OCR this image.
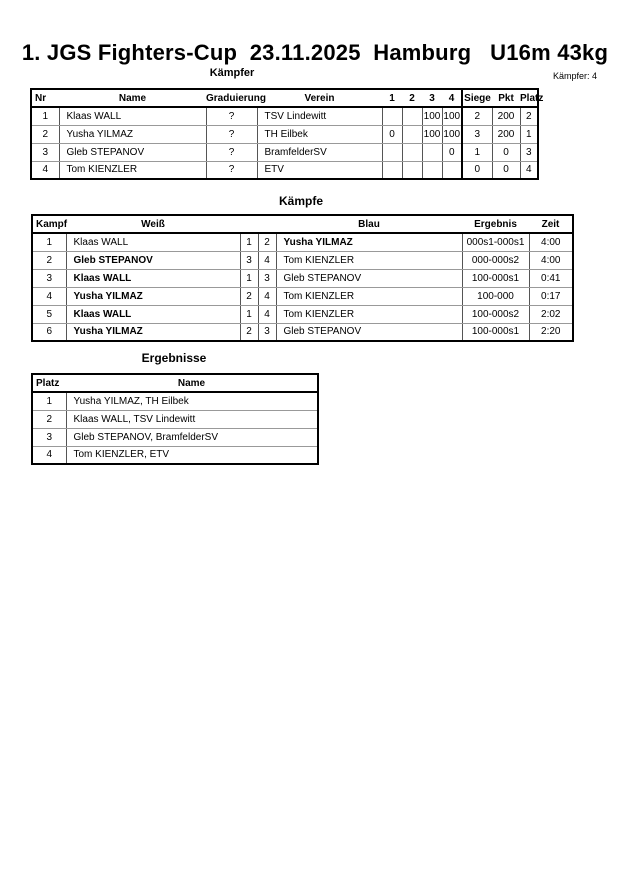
1. JGS Fighters-Cup  23.11.2025  Hamburg   U16m 43kg
Kämpfer	Kämpfer: 4
Nr	Name	Graduierung	Verein	1	2	3	4	Siege	Pkt	Platz
1	Klaas WALL	?	TSV Lindewitt			100	100	2	200	2
2	Yusha YILMAZ	?	TH Eilbek	0		100	100	3	200	1
3	Gleb STEPANOV	?	BramfelderSV				0	1	0	3
4	Tom KIENZLER	?	ETV					0	0	4
Kämpfe
Kampf	Weiß			Blau	Ergebnis	Zeit
1	Klaas WALL	1	2	Yusha YILMAZ	000s1-000s1	4:00
2	Gleb STEPANOV	3	4	Tom KIENZLER	000-000s2	4:00
3	Klaas WALL	1	3	Gleb STEPANOV	100-000s1	0:41
4	Yusha YILMAZ	2	4	Tom KIENZLER	100-000	0:17
5	Klaas WALL	1	4	Tom KIENZLER	100-000s2	2:02
6	Yusha YILMAZ	2	3	Gleb STEPANOV	100-000s1	2:20
Ergebnisse
Platz	Name
1	Yusha YILMAZ, TH Eilbek
2	Klaas WALL, TSV Lindewitt
3	Gleb STEPANOV, BramfelderSV
4	Tom KIENZLER, ETV
